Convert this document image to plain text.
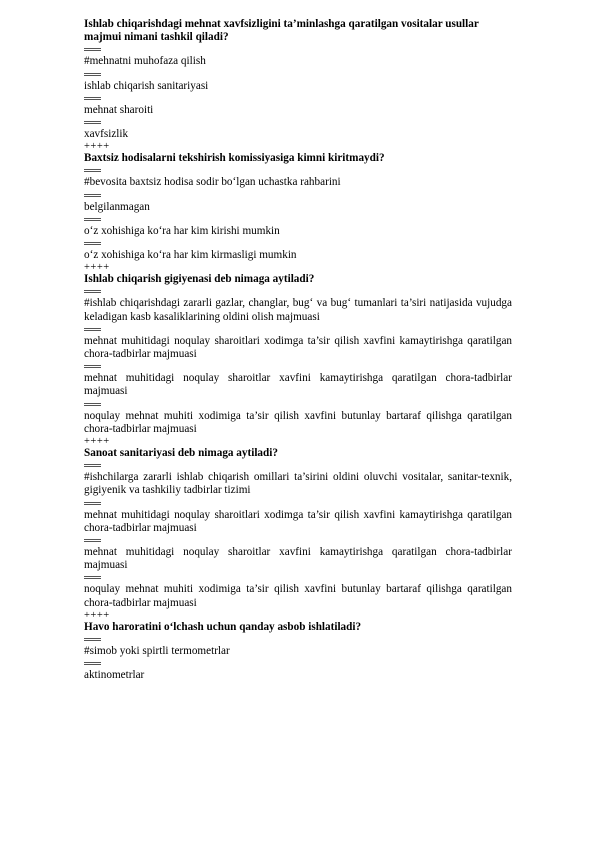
Ishlab chiqarishdagi mehnat xavfsizligini ta’minlashga qaratilgan vositalar usullar majmui nimani tashkil qiladi?

#mehnatni muhofaza qilish

ishlab chiqarish sanitariyasi

mehnat sharoiti

xavfsizlik

++++

Baxtsiz hodisalarni tekshirish komissiyasiga kimni kiritmaydi?

#bevosita baxtsiz hodisa sodir bo‘lgan uchastka rahbarini

belgilanmagan

o‘z xohishiga ko‘ra har kim kirishi mumkin

o‘z xohishiga ko‘ra har kim kirmasligi mumkin

++++

Ishlab chiqarish gigiyenasi deb nimaga aytiladi?

#ishlab chiqarishdagi zararli gazlar, changlar, bug‘ va bug‘ tumanlari ta’siri natijasida vujudga keladigan kasb kasaliklarining oldini olish majmuasi

mehnat muhitidagi noqulay sharoitlari xodimga ta’sir qilish xavfini kamaytirishga qaratilgan chora-tadbirlar majmuasi

mehnat muhitidagi noqulay sharoitlar xavfini kamaytirishga qaratilgan chora-tadbirlar majmuasi

noqulay mehnat muhiti xodimiga ta’sir qilish xavfini butunlay bartaraf qilishga qaratilgan chora-tadbirlar majmuasi

++++

Sanoat sanitariyasi deb nimaga aytiladi?

#ishchilarga zararli ishlab chiqarish omillari ta’sirini oldini oluvchi vositalar, sanitar-texnik, gigiyenik va tashkiliy tadbirlar tizimi

mehnat muhitidagi noqulay sharoitlari xodimga ta’sir qilish xavfini kamaytirishga qaratilgan chora-tadbirlar majmuasi

mehnat muhitidagi noqulay sharoitlar xavfini kamaytirishga qaratilgan chora-tadbirlar majmuasi

noqulay mehnat muhiti xodimiga ta’sir qilish xavfini butunlay bartaraf qilishga qaratilgan chora-tadbirlar majmuasi

++++

Havo haroratini o‘lchash uchun qanday asbob ishlatiladi?

#simob yoki spirtli termometrlar

aktinometrlar
